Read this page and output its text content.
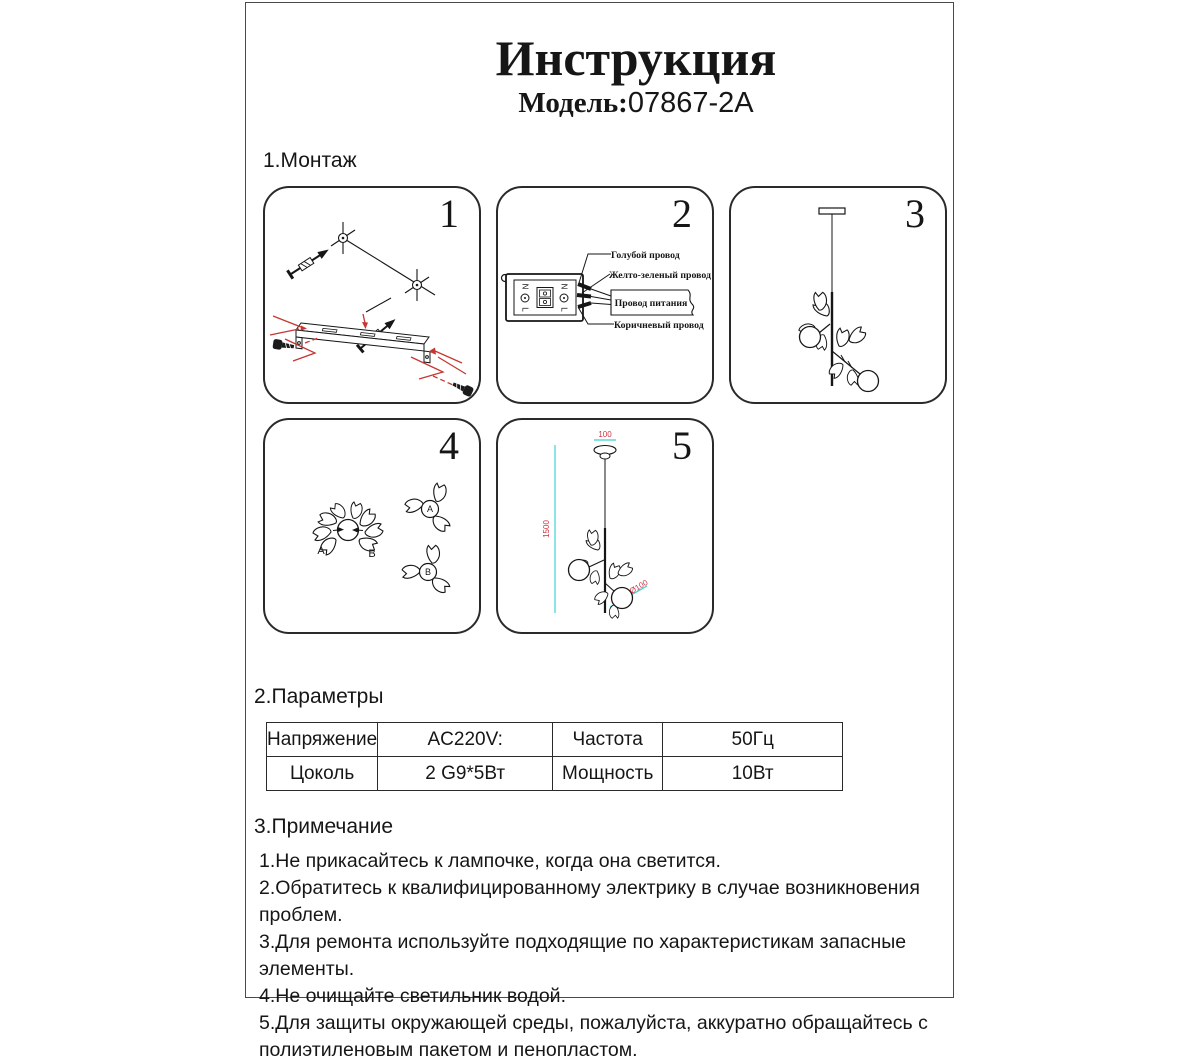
Инструкция
Модель:07867-2A
1.Монтаж
1
N
L
N
L
Голубой провод
Желто-зеленый провод
Провод питания
Коричневый провод
2	3
A	B
A
B
4	100
1500
Ø100
5
2.Параметры
Напряжение	AC220V:	Частота	50Гц
Цоколь	2 G9*5Вт	Мощность	10Вт
3.Примечание
1.Не прикасайтесь к лампочке, когда она светится.
2.Обратитесь к квалифицированному электрику в случае возникновения проблем.
3.Для ремонта используйте подходящие по характеристикам запасные элементы.
4.Не очищайте светильник водой.
5.Для защиты окружающей среды, пожалуйста, аккуратно обращайтесь с полиэтиленовым пакетом и пенопластом.
